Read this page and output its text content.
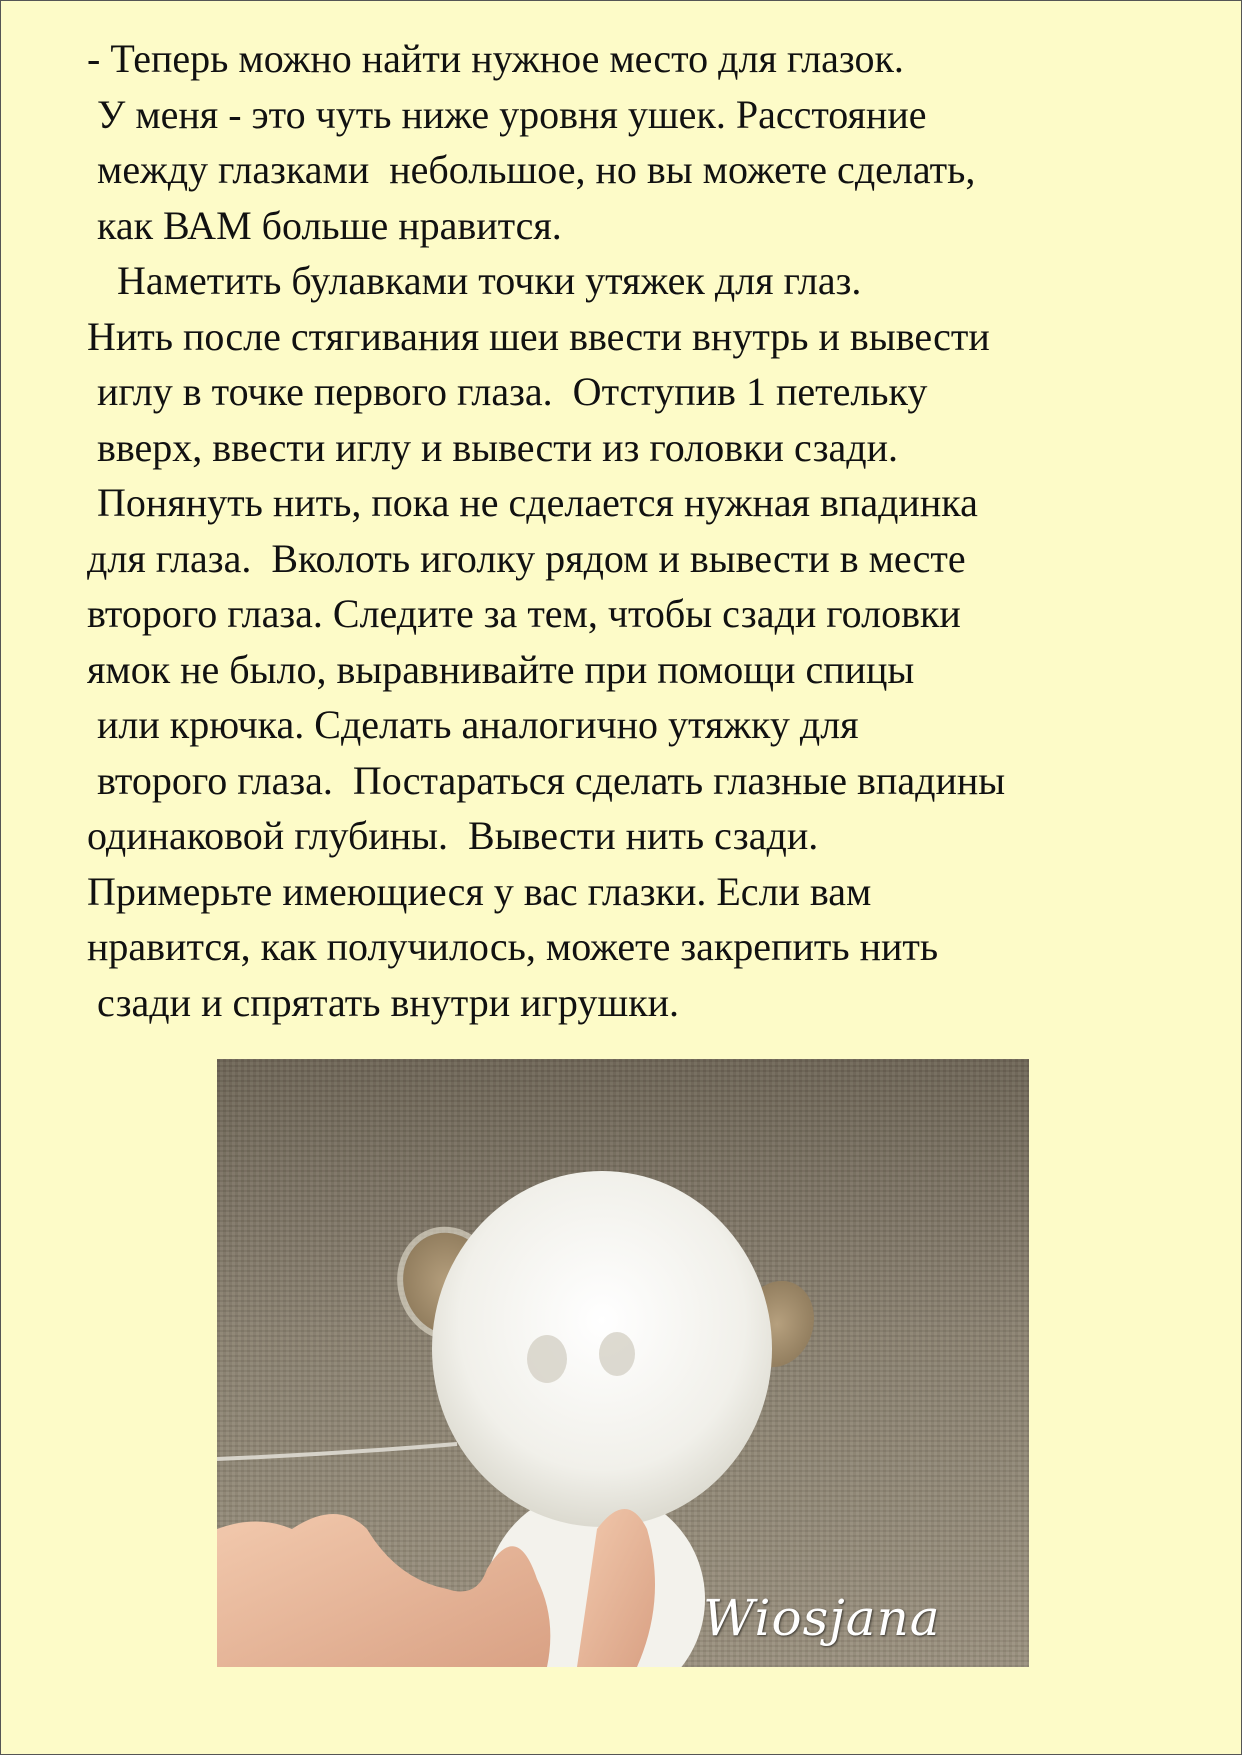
- Теперь можно найти нужное место для глазок.
У меня - это чуть ниже уровня ушек. Расстояние
между глазками  небольшое, но вы можете сделать,
как ВАМ больше нравится.
Наметить булавками точки утяжек для глаз.
Нить после стягивания шеи ввести внутрь и вывести
иглу в точке первого глаза.  Отступив 1 петельку
вверх, ввести иглу и вывести из головки сзади.
Понянуть нить, пока не сделается нужная впадинка
для глаза.  Вколоть иголку рядом и вывести в месте
второго глаза. Следите за тем, чтобы сзади головки
ямок не было, выравнивайте при помощи спицы
или крючка. Сделать аналогично утяжку для
второго глаза.  Постараться сделать глазные впадины
одинаковой глубины.  Вывести нить сзади.
Примерьте имеющиеся у вас глазки. Если вам
нравится, как получилось, можете закрепить нить
сзади и спрятать внутри игрушки.
Wiosjana
